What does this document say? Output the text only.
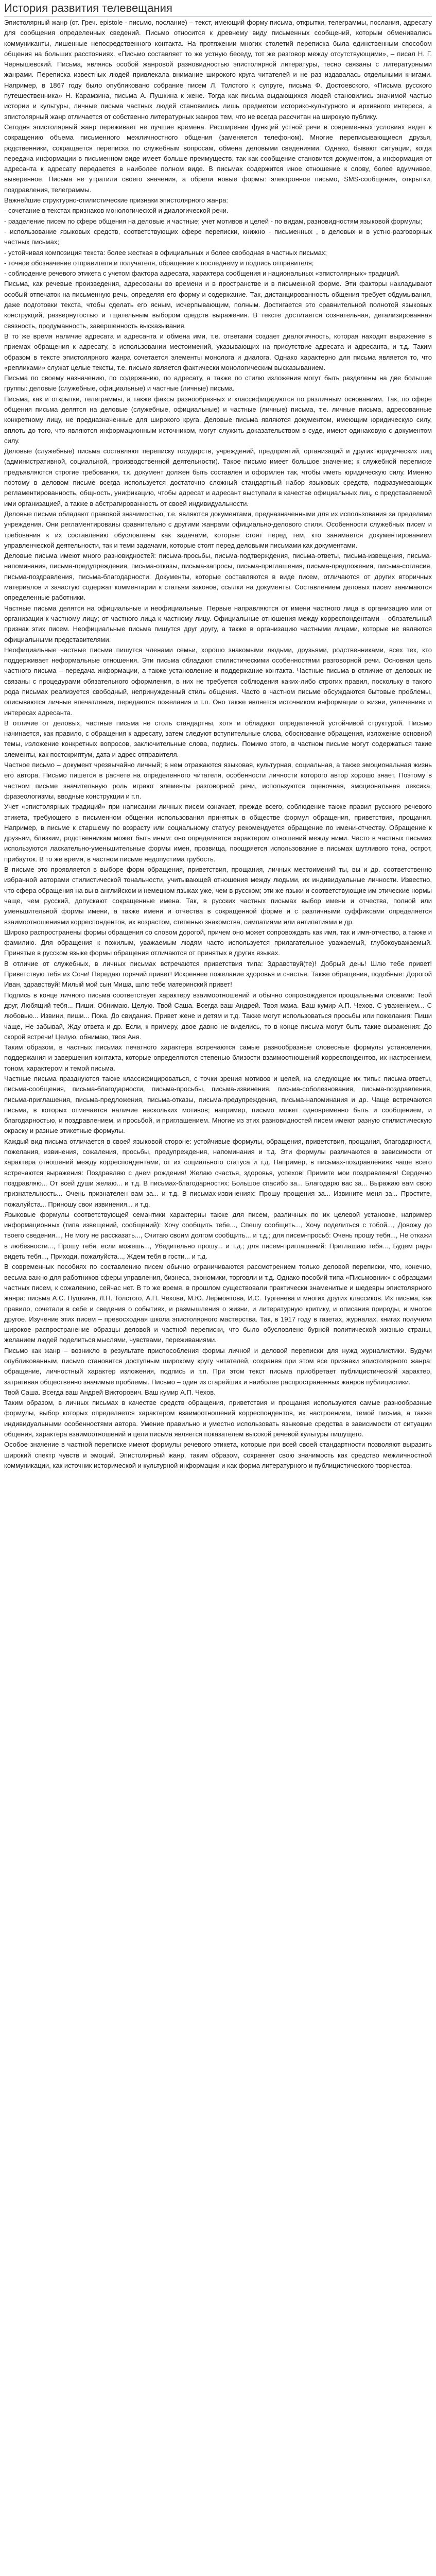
История развития телевещания

Эпистолярный жанр (от. Греч. epistole - письмо, послание) – текст, имеющий форму письма, открытки, телеграммы, послания, адресату для сообщения определенных сведений. Письмо относится к древнему виду письменных сообщений, которым обменивались коммуниканты, лишенные непосредственного контакта. На протяжении многих столетий переписка была единственным способом общения на больших расстояниях. «Письмо составляет то же устную беседу, тот же разговор между отсутствующими», – писал Н. Г. Чернышевский. Письма, являясь особой жанровой разновидностью эпистолярной литературы, тесно связаны с литературными жанрами. Переписка известных людей привлекала внимание широкого круга читателей и не раз издавалась отдельными книгами. Например, в 1867 году было опубликовано собрание писем Л. Толстого к супруге, письма Ф. Достоевского, «Письма русского путешественника» Н. Карамзина, письма А. Пушкина к жене. Тогда как письма выдающихся людей становились значимой частью истории и культуры, личные письма частных людей становились лишь предметом историко-культурного и архивного интереса, а эпистолярный жанр отличается от собственно литературных жанров тем, что не всегда рассчитан на широкую публику.

Сегодня эпистолярный жанр переживает не лучшие времена. Расширение функций устной речи в современных условиях ведет к сокращению объема письменного межличностного общения (заменяется телефоном). Многие переписывающиеся друзья, родственники, сокращается переписка по служебным вопросам, обмена деловыми сведениями. Однако, бывают ситуации, когда передача информации в письменном виде имеет больше преимуществ, так как сообщение становится документом, а информация от адресанта к адресату передается в наиболее полном виде. В письмах содержится иное отношение к слову, более вдумчивое, выверенное. Письма не утратили своего значения, а обрели новые формы: электронное письмо, SMS-сообщения, открытки, поздравления, телеграммы.

Важнейшие структурно-стилистические признаки эпистолярного жанра:

- сочетание в текстах признаков монологической и диалогической речи.

- разделение писем по сфере общения на деловые и частные; учет мотивов и целей - по видам, разновидностям языковой формулы;

- использование языковых средств, соответствующих сфере переписки, книжно - письменных , в деловых и в устно-разговорных частных письмах;

- устойчивая композиция текста: более жесткая в официальных и более свободная в частных письмах;

- точное обозначение отправителя и получателя, обращение к последнему и подпись отправителя;

- соблюдение речевого этикета с учетом фактора адресата, характера сообщения и национальных «эпистолярных» традиций.

Письма, как речевые произведения, адресованы во времени и в пространстве и в письменной форме. Эти факторы накладывают особый отпечаток на письменную речь, определяя его форму и содержание. Так, дистанцированность общения требует обдумывания, даже подготовки текста, чтобы сделать его ясным, исчерпывающим, полным. Достигается это сравнительной полнотой языковых конструкций, развернутостью и тщательным выбором средств выражения. В тексте достигается сознательная, детализированная связность, продуманность, завершенность высказывания.

В то же время наличие адресата и адресанта и обмена ими, т.е. ответами создает диалогичность, которая находит выражение в приемах обращения к адресату, в использовании местоимений, указывающих на присутствие адресата и адресанта, и т.д. Таким образом в тексте эпистолярного жанра сочетается элементы монолога и диалога. Однако характерно для письма является то, что «репликами» служат целые тексты, т.е. письмо является фактически монологическим высказыванием.

Письма по своему назначению, по содержанию, по адресату, а также по стилю изложения могут быть разделены на две большие группы: деловые (служебные, официальные) и частные (личные) письма.

Письма, как и открытки, телеграммы, а также факсы разнообразных и классифицируются по различным основаниям. Так, по сфере общения письма делятся на деловые (служебные, официальные) и частные (личные) письма, т.е. личные письма, адресованные конкретному лицу, не предназначенные для широкого круга. Деловые письма являются документом, имеющим юридическую силу, вплоть до того, что являются информационным источником, могут служить доказательством в суде, имеют одинаковую с документом силу.

Деловые (служебные) письма составляют переписку государств, учреждений, предприятий, организаций и других юридических лиц (административной, социальной, производственной деятельности). Такое письмо имеет большое значение; к служебной переписке предъявляются строгие требования, т.к. документ должен быть составлен и оформлен так, чтобы иметь юридическую силу. Именно поэтому в деловом письме всегда используется достаточно сложный стандартный набор языковых средств, подразумевающих регламентированность, общность, унификацию, чтобы адресат и адресант выступали в качестве официальных лиц, с представляемой ими организацией, а также в абстрагированность от своей индивидуальности.

Деловые письма обладают правовой значимостью, т.е. являются документами, предназначенными для их использования за пределами учреждения. Они регламентированы сравнительно с другими жанрами официально-делового стиля. Особенности служебных писем и требования к их составлению обусловлены как задачами, которые стоят перед тем, кто занимается документированием управленческой деятельности, так и теми задачами, которые стоят перед деловыми письмами как документами.

Деловые письма имеют много разновидностей: письма-просьбы, письма-подтверждения, письма-ответы, письма-извещения, письма-напоминания, письма-предупреждения, письма-отказы, письма-запросы, письма-приглашения, письма-предложения, письма-согласия, письма-поздравления, письма-благодарности. Документы, которые составляются в виде писем, отличаются от других вторичных материалов и зачастую содержат комментарии к статьям законов, ссылки на документы. Составлением деловых писем занимаются определенные работники.

Частные письма делятся на официальные и неофициальные. Первые направляются от имени частного лица в организацию или от организации к частному лицу; от частного лица к частному лицу. Официальные отношения между корреспондентами – обязательный признак этих писем. Неофициальные письма пишутся друг другу, а также в организацию частными лицами, которые не являются официальными представителями.

Неофициальные частные письма пишутся членами семьи, хорошо знакомыми людьми, друзьями, родственниками, всех тех, кто поддерживает неформальные отношения. Эти письма обладают стилистическими особенностями разговорной речи. Основная цель частного письма – передача информации, а также установление и поддержание контакта. Частные письма в отличие от деловых не связаны с процедурами обязательного оформления, в них не требуется соблюдения каких-либо строгих правил, поскольку в такого рода письмах реализуется свободный, непринужденный стиль общения. Часто в частном письме обсуждаются бытовые проблемы, описываются личные впечатления, передаются пожелания и т.п. Оно также является источником информации о жизни, увлечениях и интересах адресанта.

В отличие от деловых, частные письма не столь стандартны, хотя и обладают определенной устойчивой структурой. Письмо начинается, как правило, с обращения к адресату, затем следуют вступительные слова, обоснование обращения, изложение основной темы, изложение конкретных вопросов, заключительные слова, подпись. Помимо этого, в частном письме могут содержаться такие элементы, как постскриптум, дата и адрес отправителя.

Частное письмо – документ чрезвычайно личный; в нем отражаются языковая, культурная, социальная, а также эмоциональная жизнь его автора. Письмо пишется в расчете на определенного читателя, особенности личности которого автор хорошо знает. Поэтому в частном письме значительную роль играют элементы разговорной речи, используются оценочная, эмоциональная лексика, фразеологизмы, вводные конструкции и т.п.

Учет «эпистолярных традиций» при написании личных писем означает, прежде всего, соблюдение также правил русского речевого этикета, требующего в письменном общении использования принятых в обществе формул обращения, приветствия, прощания. Например, в письме к старшему по возрасту или социальному статусу рекомендуется обращение по имени-отчеству. Обращение к друзьям, близким, родственникам может быть иным: оно определяется характером отношений между ними. Часто в частных письмах используются ласкательно-уменьшительные формы имен, прозвища, поощряется использование в письмах шутливого тона, острот, прибауток. В то же время, в частном письме недопустима грубость.

В письме это проявляется в выборе форм обращения, приветствия, прощания, личных местоимений ты, вы и др. соответственно избранной авторами стилистической тональности, учитывающей отношения между людьми, их индивидуальные личности. Известно, что сфера обращения на вы в английском и немецком языках уже, чем в русском; эти же языки и соответствующие им этические нормы чаще, чем русский, допускают сокращенные имена. Так, в русских частных письмах выбор имени и отчества, полной или уменьшительной формы имени, а также имени и отчества в сокращенной форме и с различными суффиксами определяется взаимоотношениями корреспондентов, их возрастом, степенью знакомства, симпатиями или антипатиями и др.

Широко распространены формы обращения со словом дорогой, причем оно может сопровождать как имя, так и имя-отчество, а также и фамилию. Для обращения к пожилым, уважаемым людям часто используется прилагательное уважаемый, глубокоуважаемый. Принятые в русском языке формы обращения отличаются от принятых в других языках.

В отличие от служебных, в личных письмах встречаются приветствия типа: Здравствуй(те)! Добрый день! Шлю тебе привет! Приветствую тебя из Сочи! Передаю горячий привет! Искреннее пожелание здоровья и счастья. Также обращения, подобные: Дорогой Иван, здравствуй! Милый мой сын Миша, шлю тебе материнский привет!

Подпись в конце личного письма соответствует характеру взаимоотношений и обычно сопровождается прощальными словами: Твой друг, Любящий тебя... Пиши. Обнимаю. Целую. Твой Саша. Всегда ваш Андрей. Твоя мама. Ваш кумир А.П. Чехов. С уважением... С любовью... Извини, пиши... Пока. До свидания. Привет жене и детям и т.д. Также могут использоваться просьбы или пожелания: Пиши чаще, Не забывай, Жду ответа и др. Если, к примеру, двое давно не виделись, то в конце письма могут быть такие выражения: До скорой встречи! Целую, обнимаю, твоя Аня.

Таким образом, в частных письмах печатного характера встречаются самые разнообразные словесные формулы установления, поддержания и завершения контакта, которые определяются степенью близости взаимоотношений корреспондентов, их настроением, тоном, характером и темой письма.

Частные письма празднуются также классифицироваться, с точки зрения мотивов и целей, на следующие их типы: письма-ответы, письма-сообщения, письма-благодарности, письма-просьбы, письма-извинения, письма-соболезнования, письма-поздравления, письма-приглашения, письма-предложения, письма-отказы, письма-предупреждения, письма-напоминания и др. Чаще встречаются письма, в которых отмечается наличие нескольких мотивов; например, письмо может одновременно быть и сообщением, и благодарностью, и поздравлением, и просьбой, и приглашением. Многие из этих разновидностей писем имеют разную стилистическую окраску и разные этикетные формулы.

Каждый вид письма отличается в своей языковой стороне: устойчивые формулы, обращения, приветствия, прощания, благодарности, пожелания, извинения, сожаления, просьбы, предупреждения, напоминания и т.д. Эти формулы различаются в зависимости от характера отношений между корреспондентами, от их социального статуса и т.д. Например, в письмах-поздравлениях чаще всего встречаются выражения: Поздравляю с днем рождения! Желаю счастья, здоровья, успехов! Примите мои поздравления! Сердечно поздравляю... От всей души желаю... и т.д. В письмах-благодарностях: Большое спасибо за... Благодарю вас за... Выражаю вам свою признательность... Очень признателен вам за... и т.д. В письмах-извинениях: Прошу прощения за... Извините меня за... Простите, пожалуйста... Приношу свои извинения... и т.д.

Языковые формулы соответствующей семантики характерны также для писем, различных по их целевой установке, например информационных (типа извещений, сообщений): Хочу сообщить тебе..., Спешу сообщить..., Хочу поделиться с тобой..., Довожу до твоего сведения..., Не могу не рассказать..., Считаю своим долгом сообщить... и т.д.; для писем-просьб: Очень прошу тебя..., Не откажи в любезности..., Прошу тебя, если можешь..., Убедительно прошу... и т.д.; для писем-приглашений: Приглашаю тебя..., Будем рады видеть тебя..., Приходи, пожалуйста..., Ждем тебя в гости... и т.д.

В современных пособиях по составлению писем обычно ограничиваются рассмотрением только деловой переписки, что, конечно, весьма важно для работников сферы управления, бизнеса, экономики, торговли и т.д. Однако пособий типа «Письмовник» с образцами частных писем, к сожалению, сейчас нет. В то же время, в прошлом существовали практически знаменитые и шедевры эпистолярного жанра: письма А.С. Пушкина, Л.Н. Толстого, А.П. Чехова, М.Ю. Лермонтова, И.С. Тургенева и многих других классиков. Их письма, как правило, сочетали в себе и сведения о событиях, и размышления о жизни, и литературную критику, и описания природы, и многое другое. Изучение этих писем – превосходная школа эпистолярного мастерства. Так, в 1917 году в газетах, журналах, книгах получили широкое распространение образцы деловой и частной переписки, что было обусловлено бурной политической жизнью страны, желанием людей поделиться мыслями, чувствами, переживаниями.

Письмо как жанр – возникло в результате приспособления формы личной и деловой переписки для нужд журналистики. Будучи опубликованным, письмо становится доступным широкому кругу читателей, сохраняя при этом все признаки эпистолярного жанра: обращение, личностный характер изложения, подпись и т.п. При этом текст письма приобретает публицистический характер, затрагивая общественно значимые проблемы. Письмо – один из старейших и наиболее распространенных жанров публицистики.

Твой Саша. Всегда ваш Андрей Викторович. Ваш кумир А.П. Чехов.

Таким образом, в личных письмах в качестве средств обращения, приветствия и прощания используются самые разнообразные формулы, выбор которых определяется характером взаимоотношений корреспондентов, их настроением, темой письма, а также индивидуальными особенностями автора. Умение правильно и уместно использовать языковые средства в зависимости от ситуации общения, характера взаимоотношений и цели письма является показателем высокой речевой культуры пишущего.

Особое значение в частной переписке имеют формулы речевого этикета, которые при всей своей стандартности позволяют выразить широкий спектр чувств и эмоций. Эпистолярный жанр, таким образом, сохраняет свою значимость как средство межличностной коммуникации, как источник исторической и культурной информации и как форма литературного и публицистического творчества.
